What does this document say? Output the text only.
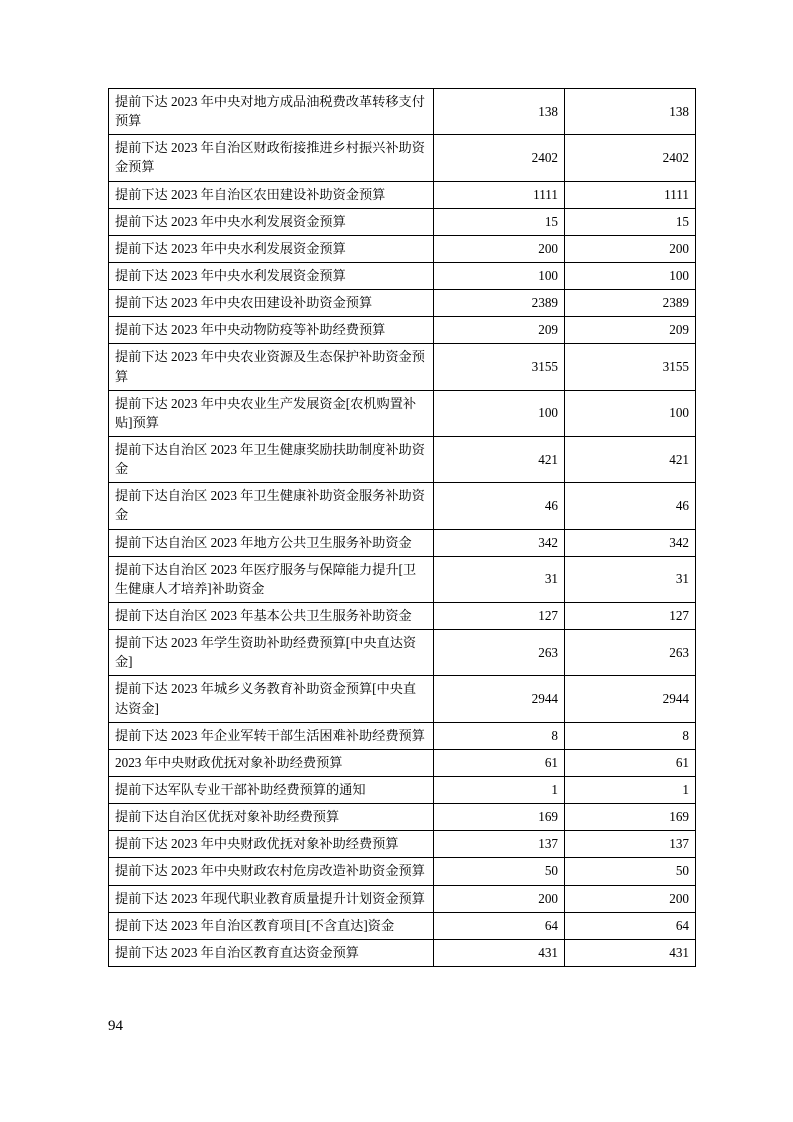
提前下达 2023 年中央对地方成品油税费改革转移支付预算	138	138
提前下达 2023 年自治区财政衔接推进乡村振兴补助资金预算	2402	2402
提前下达 2023 年自治区农田建设补助资金预算	1111	1111
提前下达 2023 年中央水利发展资金预算	15	15
提前下达 2023 年中央水利发展资金预算	200	200
提前下达 2023 年中央水利发展资金预算	100	100
提前下达 2023 年中央农田建设补助资金预算	2389	2389
提前下达 2023 年中央动物防疫等补助经费预算	209	209
提前下达 2023 年中央农业资源及生态保护补助资金预算	3155	3155
提前下达 2023 年中央农业生产发展资金[农机购置补贴]预算	100	100
提前下达自治区 2023 年卫生健康奖励扶助制度补助资金	421	421
提前下达自治区 2023 年卫生健康补助资金服务补助资金	46	46
提前下达自治区 2023 年地方公共卫生服务补助资金	342	342
提前下达自治区 2023 年医疗服务与保障能力提升[卫生健康人才培养]补助资金	31	31
提前下达自治区 2023 年基本公共卫生服务补助资金	127	127
提前下达 2023 年学生资助补助经费预算[中央直达资金]	263	263
提前下达 2023 年城乡义务教育补助资金预算[中央直达资金]	2944	2944
提前下达 2023 年企业军转干部生活困难补助经费预算	8	8
2023 年中央财政优抚对象补助经费预算	61	61
提前下达军队专业干部补助经费预算的通知	1	1
提前下达自治区优抚对象补助经费预算	169	169
提前下达 2023 年中央财政优抚对象补助经费预算	137	137
提前下达 2023 年中央财政农村危房改造补助资金预算	50	50
提前下达 2023 年现代职业教育质量提升计划资金预算	200	200
提前下达 2023 年自治区教育项目[不含直达]资金	64	64
提前下达 2023 年自治区教育直达资金预算	431	431
94
